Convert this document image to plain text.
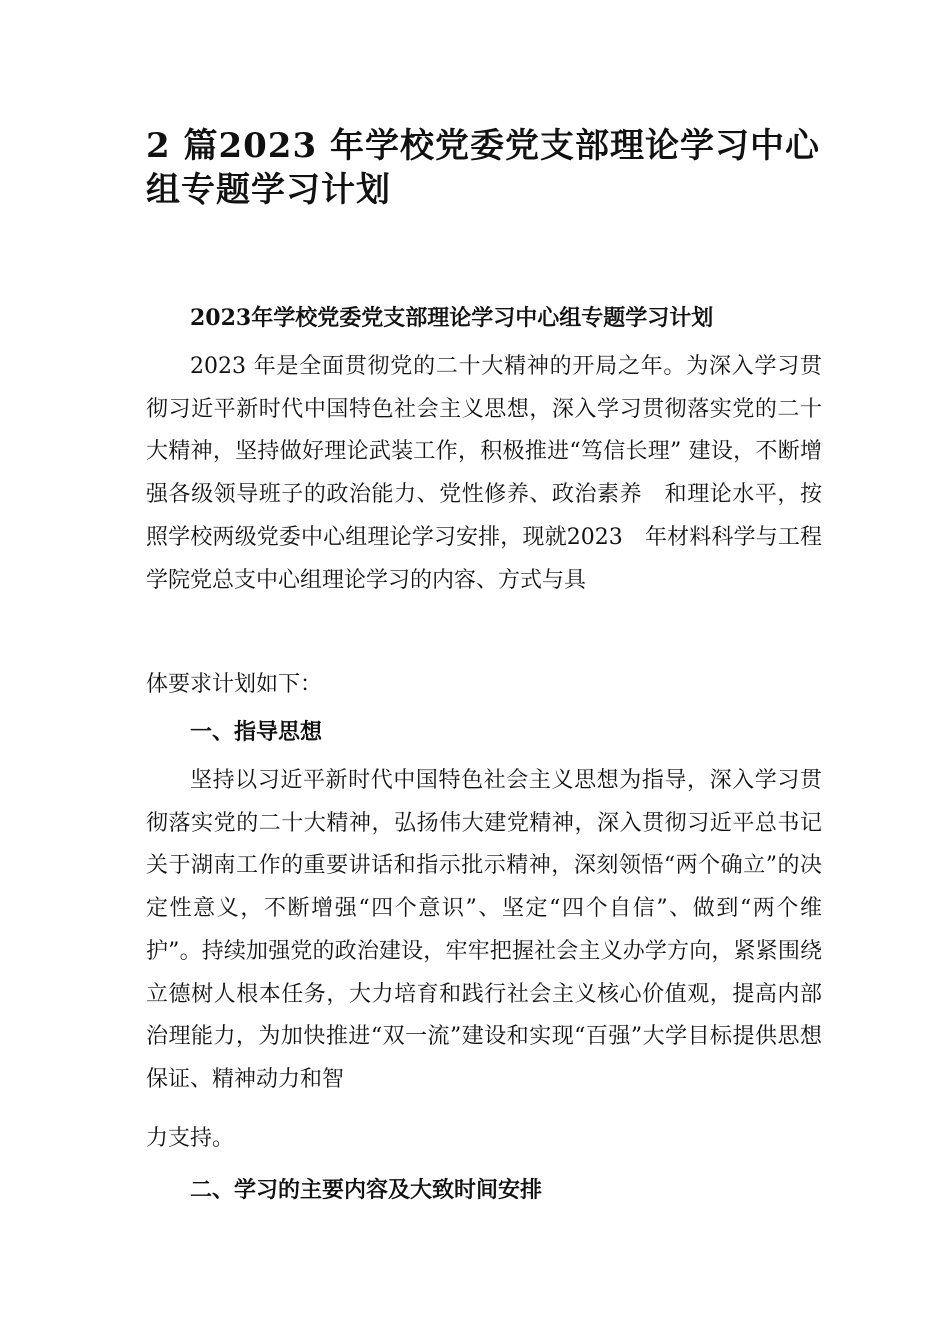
2 篇2023 年学校党委党支部理论学习中心组专题学习计划
2023年学校党委党支部理论学习中心组专题学习计划

2023 年是全面贯彻党的二十大精神的开局之年。为深入学习贯彻习近平新时代中国特色社会主义思想，深入学习贯彻落实党的二十大精神，坚持做好理论武装工作，积极推进“笃信长理” 建设，不断增强各级领导班子的政治能力、党性修养、政治素养　和理论水平，按照学校两级党委中心组理论学习安排，现就2023　年材料科学与工程学院党总支中心组理论学习的内容、方式与具

体要求计划如下：

一、指导思想

坚持以习近平新时代中国特色社会主义思想为指导，深入学习贯彻落实党的二十大精神，弘扬伟大建党精神，深入贯彻习近平总书记关于湖南工作的重要讲话和指示批示精神，深刻领悟“两个确立”的决定性意义，不断增强“四个意识”、坚定“四个自信”、做到“两个维护”。持续加强党的政治建设，牢牢把握社会主义办学方向，紧紧围绕立德树人根本任务，大力培育和践行社会主义核心价值观，提高内部治理能力，为加快推进“双一流”建设和实现“百强”大学目标提供思想保证、精神动力和智

力支持。

二、学习的主要内容及大致时间安排
